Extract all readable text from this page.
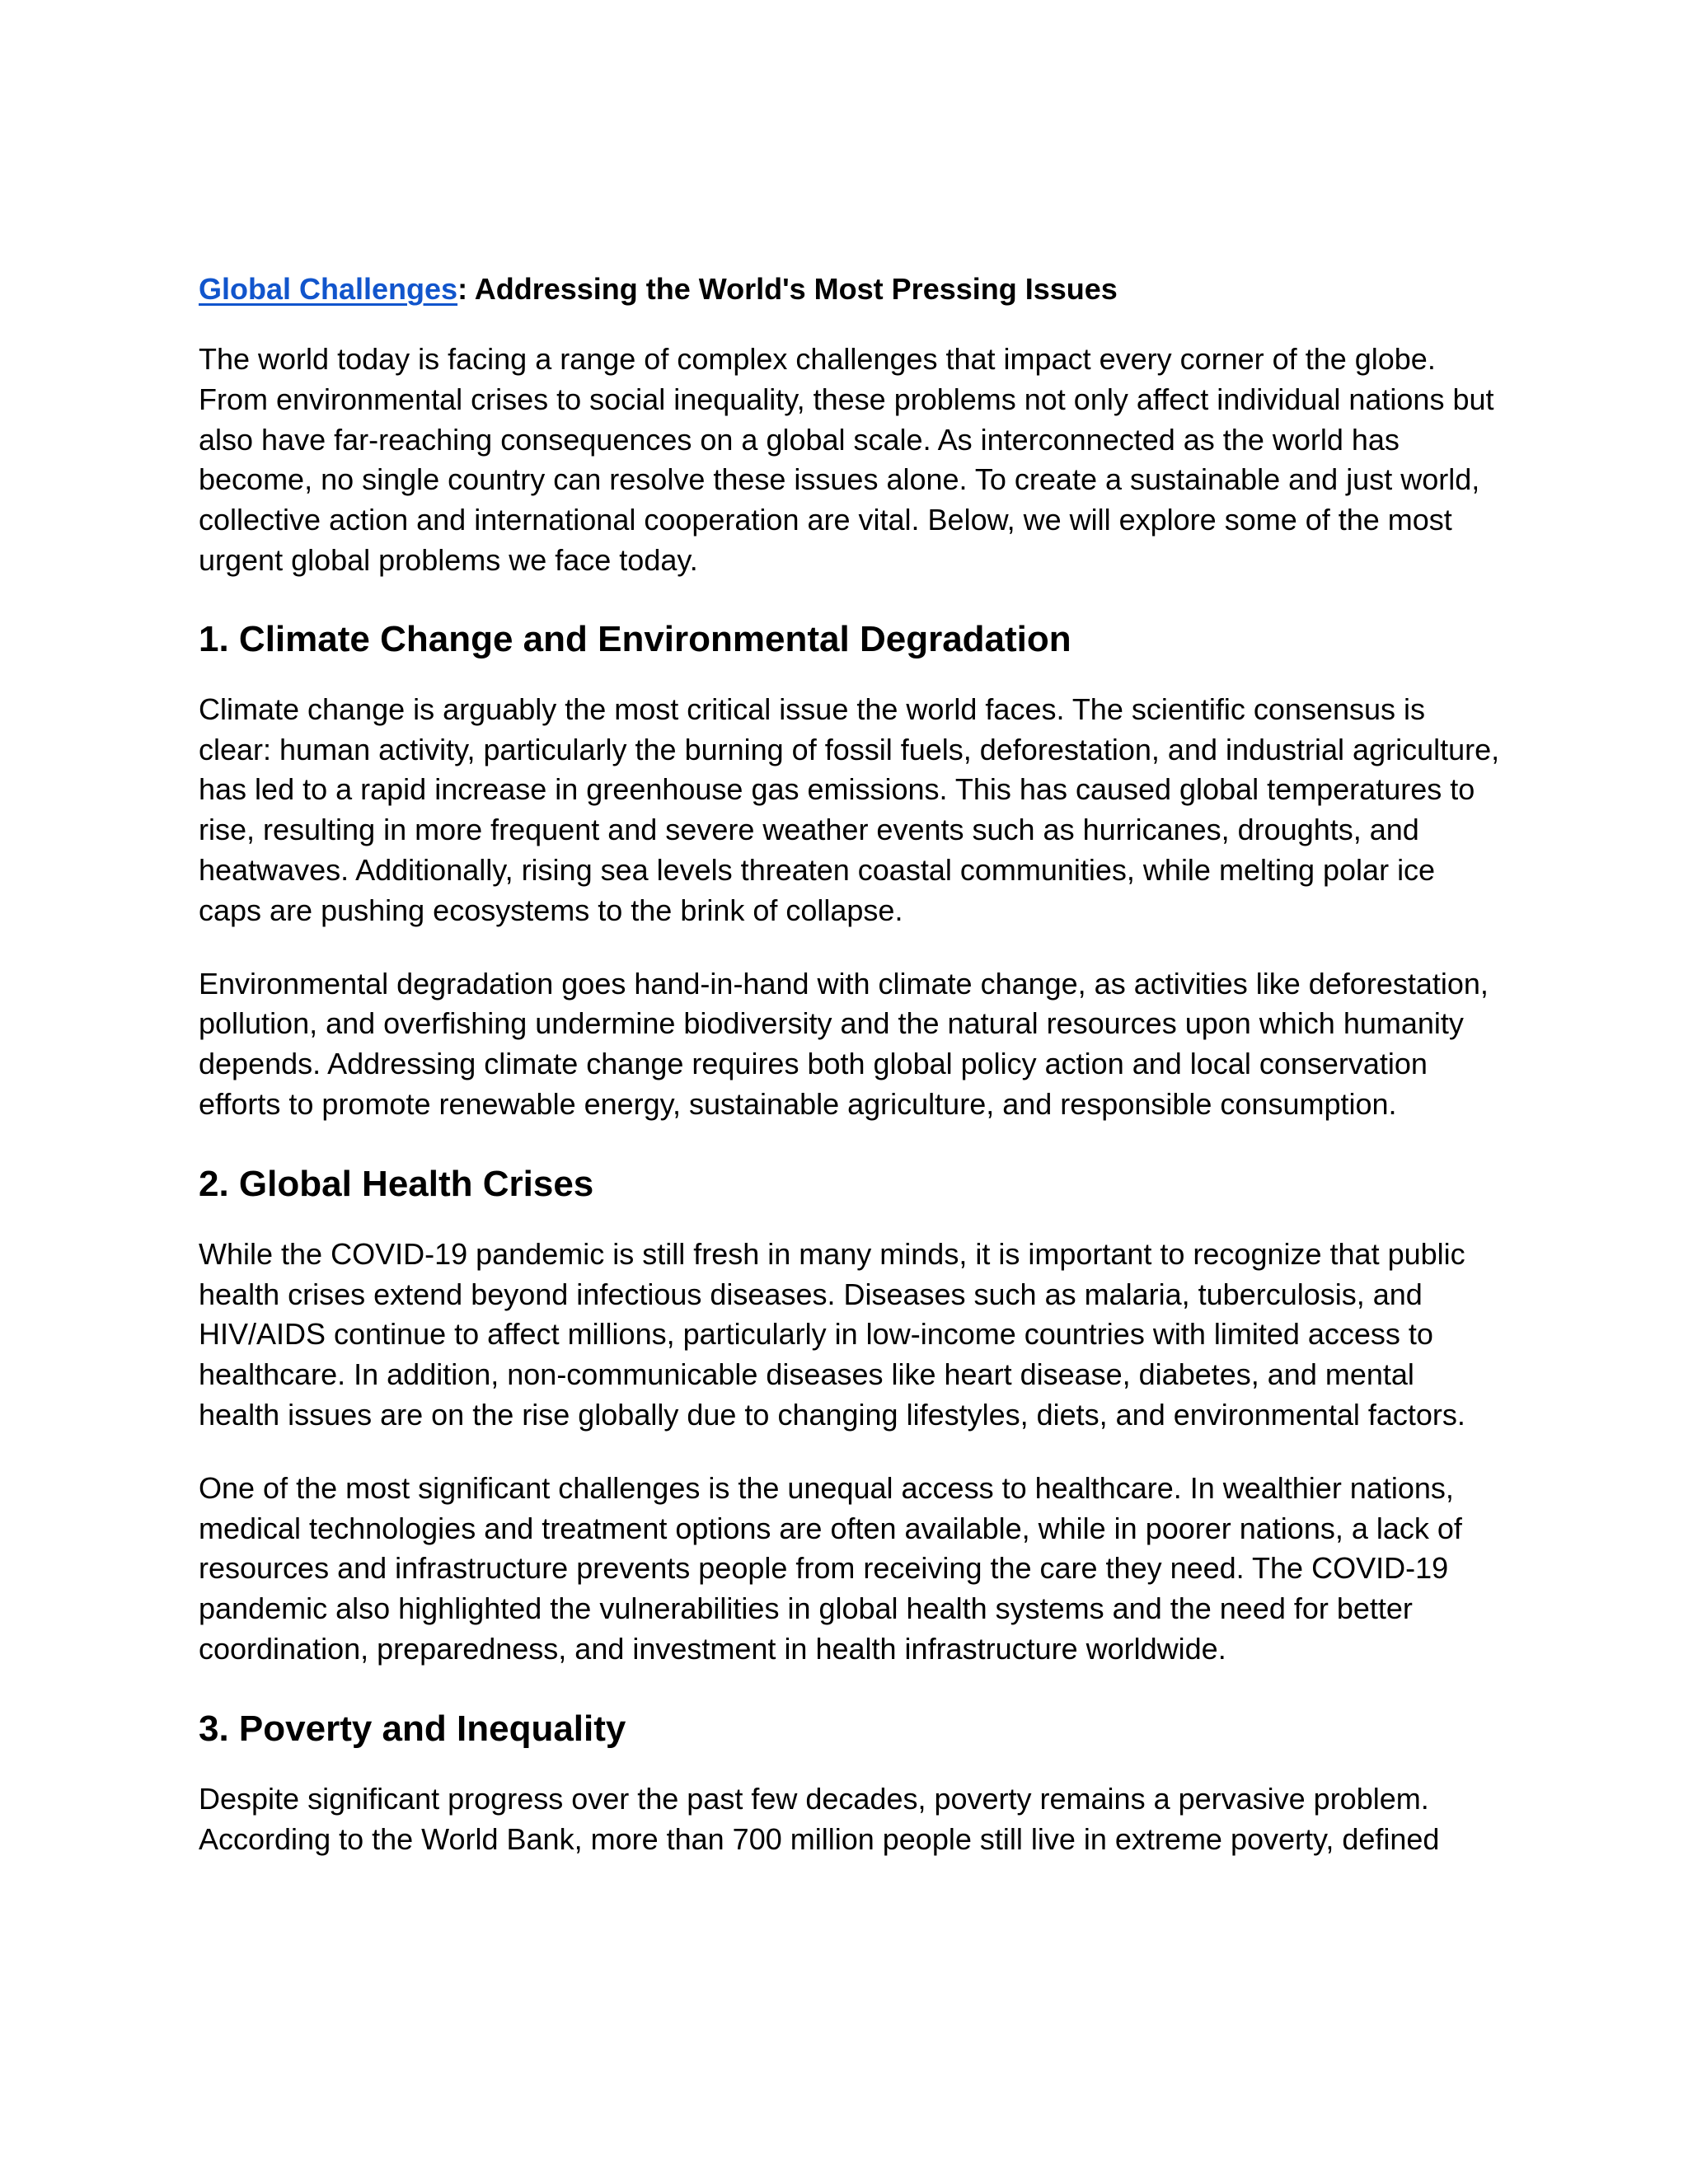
Global Challenges: Addressing the World's Most Pressing Issues

The world today is facing a range of complex challenges that impact every corner of the globe. From environmental crises to social inequality, these problems not only affect individual nations but also have far-reaching consequences on a global scale. As interconnected as the world has become, no single country can resolve these issues alone. To create a sustainable and just world, collective action and international cooperation are vital. Below, we will explore some of the most urgent global problems we face today.

1. Climate Change and Environmental Degradation

Climate change is arguably the most critical issue the world faces. The scientific consensus is clear: human activity, particularly the burning of fossil fuels, deforestation, and industrial agriculture, has led to a rapid increase in greenhouse gas emissions. This has caused global temperatures to rise, resulting in more frequent and severe weather events such as hurricanes, droughts, and heatwaves. Additionally, rising sea levels threaten coastal communities, while melting polar ice caps are pushing ecosystems to the brink of collapse.

Environmental degradation goes hand-in-hand with climate change, as activities like deforestation, pollution, and overfishing undermine biodiversity and the natural resources upon which humanity depends. Addressing climate change requires both global policy action and local conservation efforts to promote renewable energy, sustainable agriculture, and responsible consumption.

2. Global Health Crises

While the COVID-19 pandemic is still fresh in many minds, it is important to recognize that public health crises extend beyond infectious diseases. Diseases such as malaria, tuberculosis, and HIV/AIDS continue to affect millions, particularly in low-income countries with limited access to healthcare. In addition, non-communicable diseases like heart disease, diabetes, and mental health issues are on the rise globally due to changing lifestyles, diets, and environmental factors.

One of the most significant challenges is the unequal access to healthcare. In wealthier nations, medical technologies and treatment options are often available, while in poorer nations, a lack of resources and infrastructure prevents people from receiving the care they need. The COVID-19 pandemic also highlighted the vulnerabilities in global health systems and the need for better coordination, preparedness, and investment in health infrastructure worldwide.

3. Poverty and Inequality

Despite significant progress over the past few decades, poverty remains a pervasive problem. According to the World Bank, more than 700 million people still live in extreme poverty, defined
